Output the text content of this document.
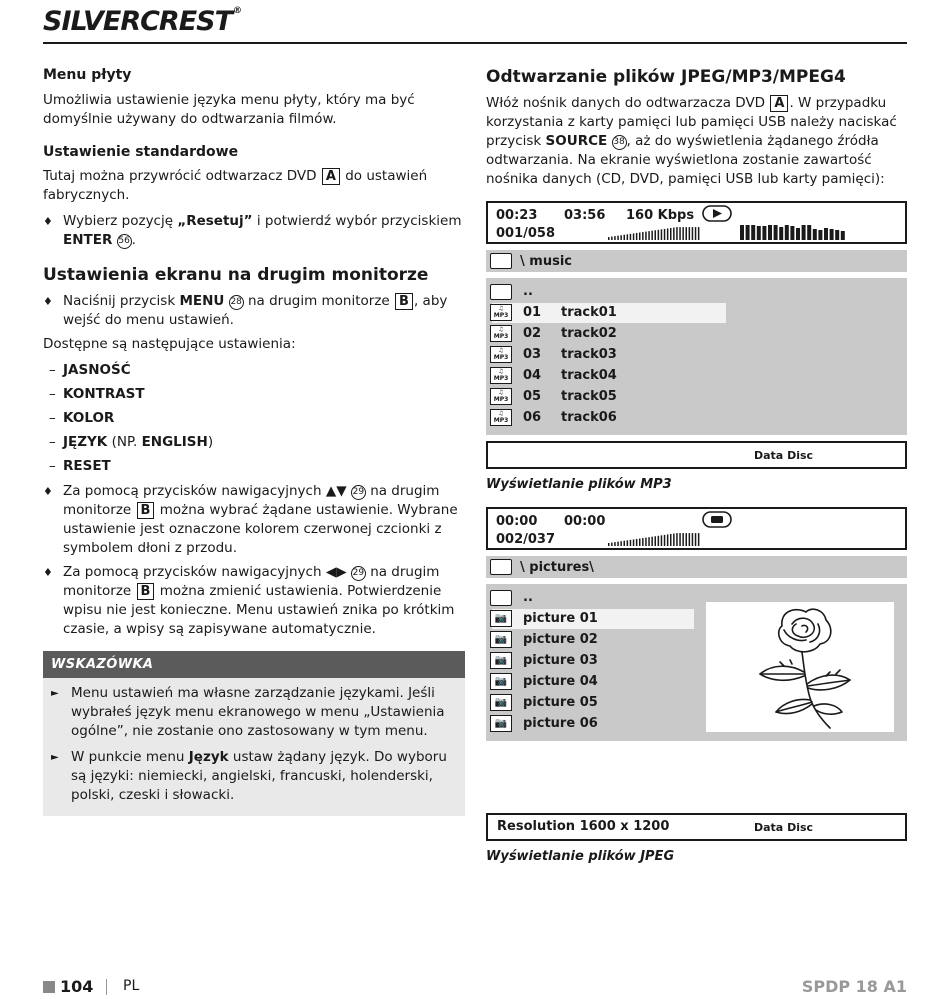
SILVERCREST®

Menu płyty

Umożliwia ustawienie języka menu płyty, który ma być domyślnie używany do odtwarzania filmów.

Ustawienie standardowe

Tutaj można przywrócić odtwarzacz DVD A do ustawień fabrycznych.

♦ Wybierz pozycję „Resetuj” i potwierdź wybór przyciskiem ENTER 56 .

Ustawienia ekranu na drugim monitorze

♦ Naciśnij przycisk MENU 28 na drugim monitorze B , aby wejść do menu ustawień.

Dostępne są następujące ustawienia:

– JASNOŚĆ
– KONTRAST
– KOLOR
– JĘZYK (NP. ENGLISH)
– RESET
♦ Za pomocą przycisków nawigacyjnych ▲▼ 29 na drugim monitorze B można wybrać żądane ustawienie. Wybrane ustawienie jest oznaczone kolorem czerwonej czcionki z symbolem dłoni z przodu.
♦ Za pomocą przycisków nawigacyjnych ◀▶ 29 na drugim monitorze B można zmienić ustawienia. Potwierdzenie wpisu nie jest konieczne. Menu ustawień znika po krótkim czasie, a wpisy są zapisywane automatycznie.
WSKAZÓWKA
► Menu ustawień ma własne zarządzanie językami. Jeśli wybrałeś język menu ekranowego w menu „Ustawienia ogólne”, nie zostanie ono zastosowany w tym menu.
► W punkcie menu Język ustaw żądany język. Do wyboru są języki: niemiecki, angielski, francuski, holenderski, polski, czeski i słowacki.

Odtwarzanie plików JPEG/MP3/MPEG4

Włóż nośnik danych do odtwarzacza DVD A . W przypadku korzystania z karty pamięci lub pamięci USB należy naciskać przycisk SOURCE 38 , aż do wyświetlenia żądanego źródła odtwarzania. Na ekranie wyświetlona zostanie zawartość nośnika danych (CD, DVD, pamięci USB lub karty pamięci):

00:23 03:56 160 Kbps
001/058
\ music
..
♫
MP3 01 track01
♫
MP3 02 track02
♫
MP3 03 track03
♫
MP3 04 track04
♫
MP3 05 track05
♫
MP3 06 track06
Data Disc
Wyświetlanie plików MP3
00:00 00:00
002/037
\ pictures\
..
📷	picture 01
📷	picture 02
📷	picture 03
📷	picture 04
📷	picture 05
📷	picture 06
Resolution 1600 x 1200	Data Disc
Wyświetlanie plików JPEG
104 PL	SPDP 18 A1
